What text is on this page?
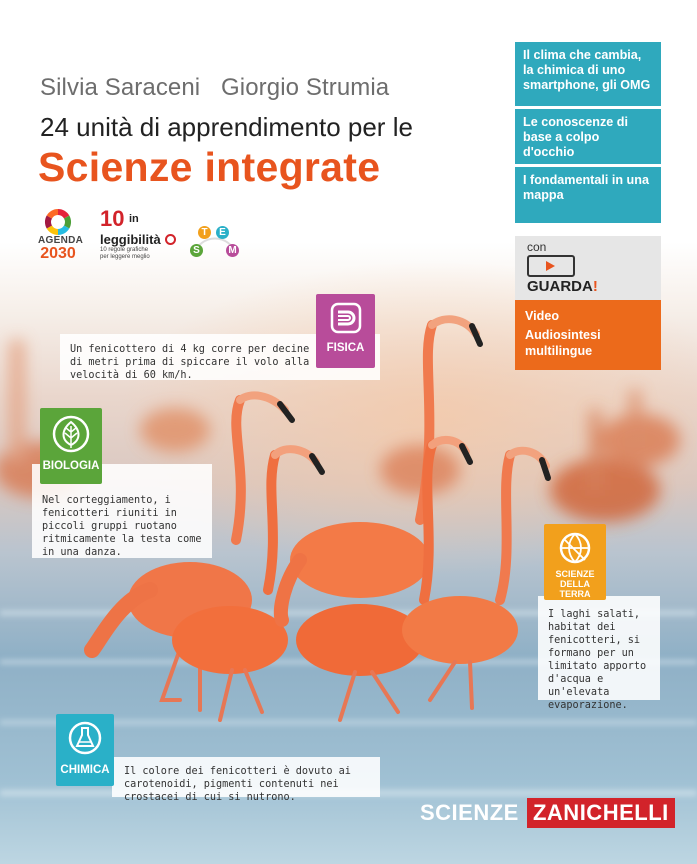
Silvia Saraceni Giorgio Strumia
24 unità di apprendimento per le
Scienze integrate
AGENDA
2030
10 $^{in}$
leggibilità
10 regole grafiche
per leggere meglio
S
T	E
M
Il clima che cambia, la chimica di uno smartphone, gli OMG
Le conoscenze di base a colpo d'occhio
I fondamentali in una mappa
con
GUARDA!
Video
Audiosintesi multilingue
Un fenicottero di 4 kg corre per decine di metri prima di spiccare il volo alla velocità di 60 km/h.
FISICA
Nel corteggiamento, i fenicotteri riuniti in piccoli gruppi ruotano ritmicamente la testa come in una danza.
BIOLOGIA
I laghi salati, habitat dei fenicotteri, si formano per un limitato apporto d'acqua e un'elevata evaporazione.
SCIENZE
DELLA TERRA
Il colore dei fenicotteri è dovuto ai carotenoidi, pigmenti contenuti nei crostacei di cui si nutrono.
CHIMICA
SCIENZE ZANICHELLI
